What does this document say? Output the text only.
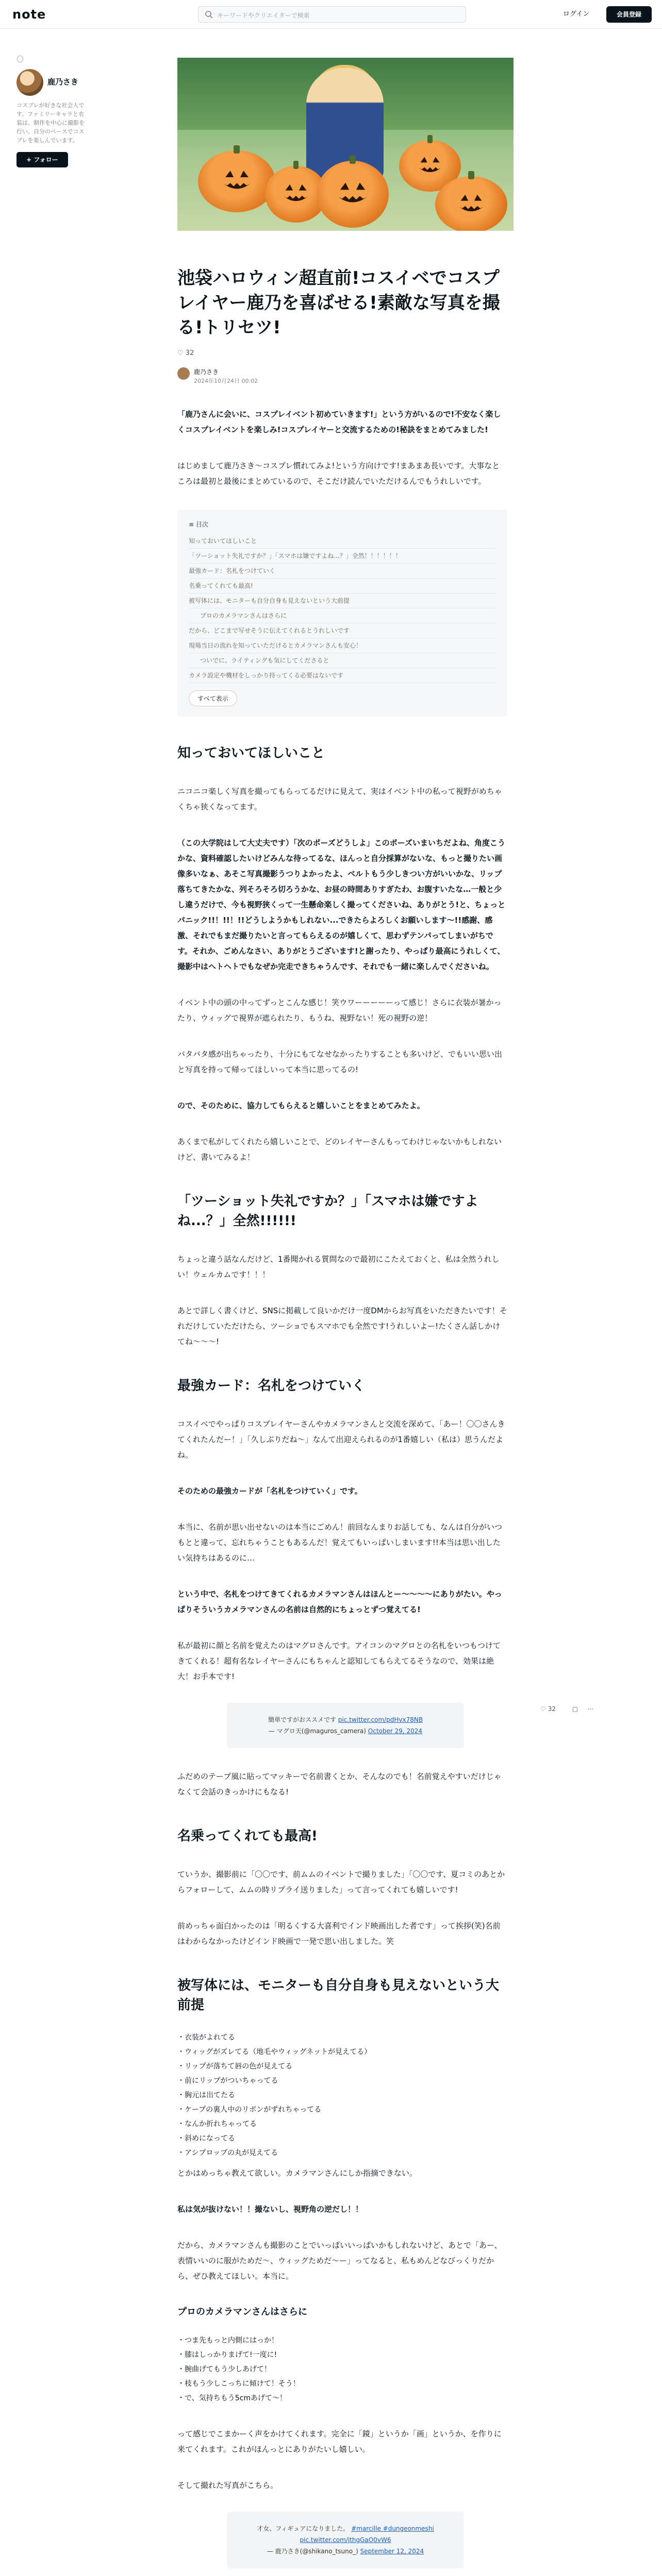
note	キーワードやクリエイターで検索	ログイン	会員登録
〇
鹿乃さき
コスプレが好きな社会人です。ファミリーキャラと衣装は、制作を中心に撮影を行い、自分のペースでコスプレを楽しんでいます。
+ フォロー
池袋ハロウィン超直前!コスイベでコスプレイヤー鹿乃を喜ばせる!素敵な写真を撮る!トリセツ!
♡ 32
鹿乃さき
2024年10月24日 00:02

「鹿乃さんに会いに、コスプレイベント初めていきます!」という方がいるので!不安なく楽しくコスプレイベントを楽しみ!コスプレイヤーと交流するための!秘訣をまとめてみました!

はじめまして鹿乃さき〜コスプレ慣れてみよ!という方向けです!まあまあ長いです。大事なところは最初と最後にまとめているので、そこだけ読んでいただけるんでもうれしいです。

≡ 目次
知っておいてほしいこと
「ツーショット失礼ですか？」「スマホは嫌ですよね...？」全然！！！！！！
最強カード：名札をつけていく
名乗ってくれても最高!
被写体には、モニターも自分自身も見えないという大前提
プロのカメラマンさんはさらに
だから、どこまで写せそうに伝えてくれるとうれしいです
現場当日の流れを知っていただけるとカメラマンさんも安心！
ついでに、ライティングも気にしてくださると
カメラ設定や機材をしっかり持ってくる必要はないです
すべて表示
知っておいてほしいこと

ニコニコ楽しく写真を撮ってもらってるだけに見えて、実はイベント中の私って視野がめちゃくちゃ狭くなってます。

（この大学院はして大丈夫です）「次のポーズどうしよ」このポーズいまいちだよね、角度こうかな、資料確認したいけどみんな待ってるな、ほんっと自分採算がないな、もっと撮りたい画像多いなぁ、あそこ写真撮影うつりよかったよ、ベルトもう少しきつい方がいいかな、リップ落ちてきたかな、列そろそろ切ろうかな、お昼の時間ありすぎたわ、お腹すいたな…一般と少し違うだけで、今も視野狭くって一生懸命楽しく撮ってくださいね、ありがとう!と、ちょっとパニック!!！!!！!!どうしようかもしれない...できたらよろしくお願いします〜!!感謝、感激、それでもまだ撮りたいと言ってもらえるのが嬉しくて、思わずテンパってしまいがちです。それか、ごめんなさい、ありがとうございます!と謝ったり、やっぱり最高にうれしくて、撮影中はヘトヘトでもなぜか完走できちゃうんです、それでも一緒に楽しんでくださいね。

イベント中の頭の中ってずっとこんな感じ！笑ウワーーーーーって感じ！さらに衣装が暑かったり、ウィッグで視界が遮られたり、もうね、視野ない！死の視野の逆！

バタバタ感が出ちゃったり、十分にもてなせなかったりすることも多いけど、でもいい思い出と写真を持って帰ってほしいって本当に思ってるの!

ので、そのために、協力してもらえると嬉しいことをまとめてみたよ。

あくまで私がしてくれたら嬉しいことで、どのレイヤーさんもってわけじゃないかもしれないけど、書いてみるよ！

「ツーショット失礼ですか？」「スマホは嫌ですよね...？」全然!!!!!!

ちょっと違う話なんだけど、1番聞かれる質問なので最初にこたえておくと、私は全然うれしい！ウェルカムです！！！

あとで詳しく書くけど、SNSに掲載して良いかだけ一度DMからお写真をいただきたいです！それだけしていただけたら、ツーショでもスマホでも全然です!うれしいよー!たくさん話しかけてね〜〜〜!

最強カード：名札をつけていく

コスイベでやっぱりコスプレイヤーさんやカメラマンさんと交流を深めて、「あー！〇〇さんきてくれたんだー！」「久しぶりだね〜」なんて出迎えられるのが1番嬉しい（私は）思うんだよね。

そのための最強カードが「名札をつけていく」です。

本当に、名前が思い出せないのは本当にごめん！前回なんまりお話しても、なんは自分がいつもとと違って、忘れちゃうこともあるんだ！覚えてもいっぱいしまいます!!本当は思い出したい気持ちはあるのに…

という中で、名札をつけてきてくれるカメラマンさんはほんとー〜〜〜〜にありがたい。やっぱりそういうカメラマンさんの名前は自然的にちょっとずつ覚えてる!

私が最初に顔と名前を覚えたのはマグロさんです。アイコンのマグロとの名札をいつもつけてきてくれる！超有名なレイヤーさんにもちゃんと認知してもらえてるそうなので、効果は絶大！お手本です!

簡単ですがおススメです pic.twitter.com/pdHvx78NB
— マグロ天(@maguros_camera) October 29, 2024

ふだめのテープ風に貼ってマッキーで名前書くとか、そんなのでも！名前覚えやすいだけじゃなくて会話のきっかけにもなる!

名乗ってくれても最高!

ていうか、撮影前に「〇〇です、前ムムのイベントで撮りました」「〇〇です、夏コミのあとからフォローして、ムムの時リプライ送りました」って言ってくれても嬉しいです!

前めっちゃ面白かったのは「明るくする大喜利でインド映画出した者です」って挨拶(笑)名前はわからなかったけどインド映画で一発で思い出しました。笑

被写体には、モニターも自分自身も見えないという大前提
・衣装がよれてる
・ウィッグがズレてる（地毛やウィッグネットが見えてる）
・リップが落ちて唇の色が見えてる
・前にリップがついちゃってる
・胸元は出てたる
・ケープの裏人中のリボンがずれちゃってる
・なんか折れちゃってる
・斜めになってる
・アシプロップの丸が見えてる

とかはめっちゃ教えて欲しい。カメラマンさんにしか指摘できない。

私は気が抜けない！！撮ないし、視野角の逆だし！！

だから、カメラマンさんも撮影のことでいっぱいいっぱいかもしれないけど、あとで「あー、表情いいのに服がためだ〜、ウィッグためだ〜ー」ってなると、私もめんどなびっくりだから、ぜひ教えてほしい。本当に。

プロのカメラマンさんはさらに
・つま先もっと内側にはっか！
・膝はしっかりまげて!一度に!
・腕曲げてもう少しあげて！
・枝もう少しこっちに傾けて！そう！
・で、気持ちもう5cmあげて〜！

って感じでこまかーく声をかけてくれます。完全に「鏡」というか「画」というか、を作りに来てくれます。これがほんっとにありがたいし嬉しい。

そして撮れた写真がこちら。

才女、フィギュアになりました。 #marcille #dungeonmeshi
pic.twitter.com/jthgGaO0vW6
— 鹿乃さき(@shikano_tsuno_) September 12, 2024

♡ 32	▢ ⋯
